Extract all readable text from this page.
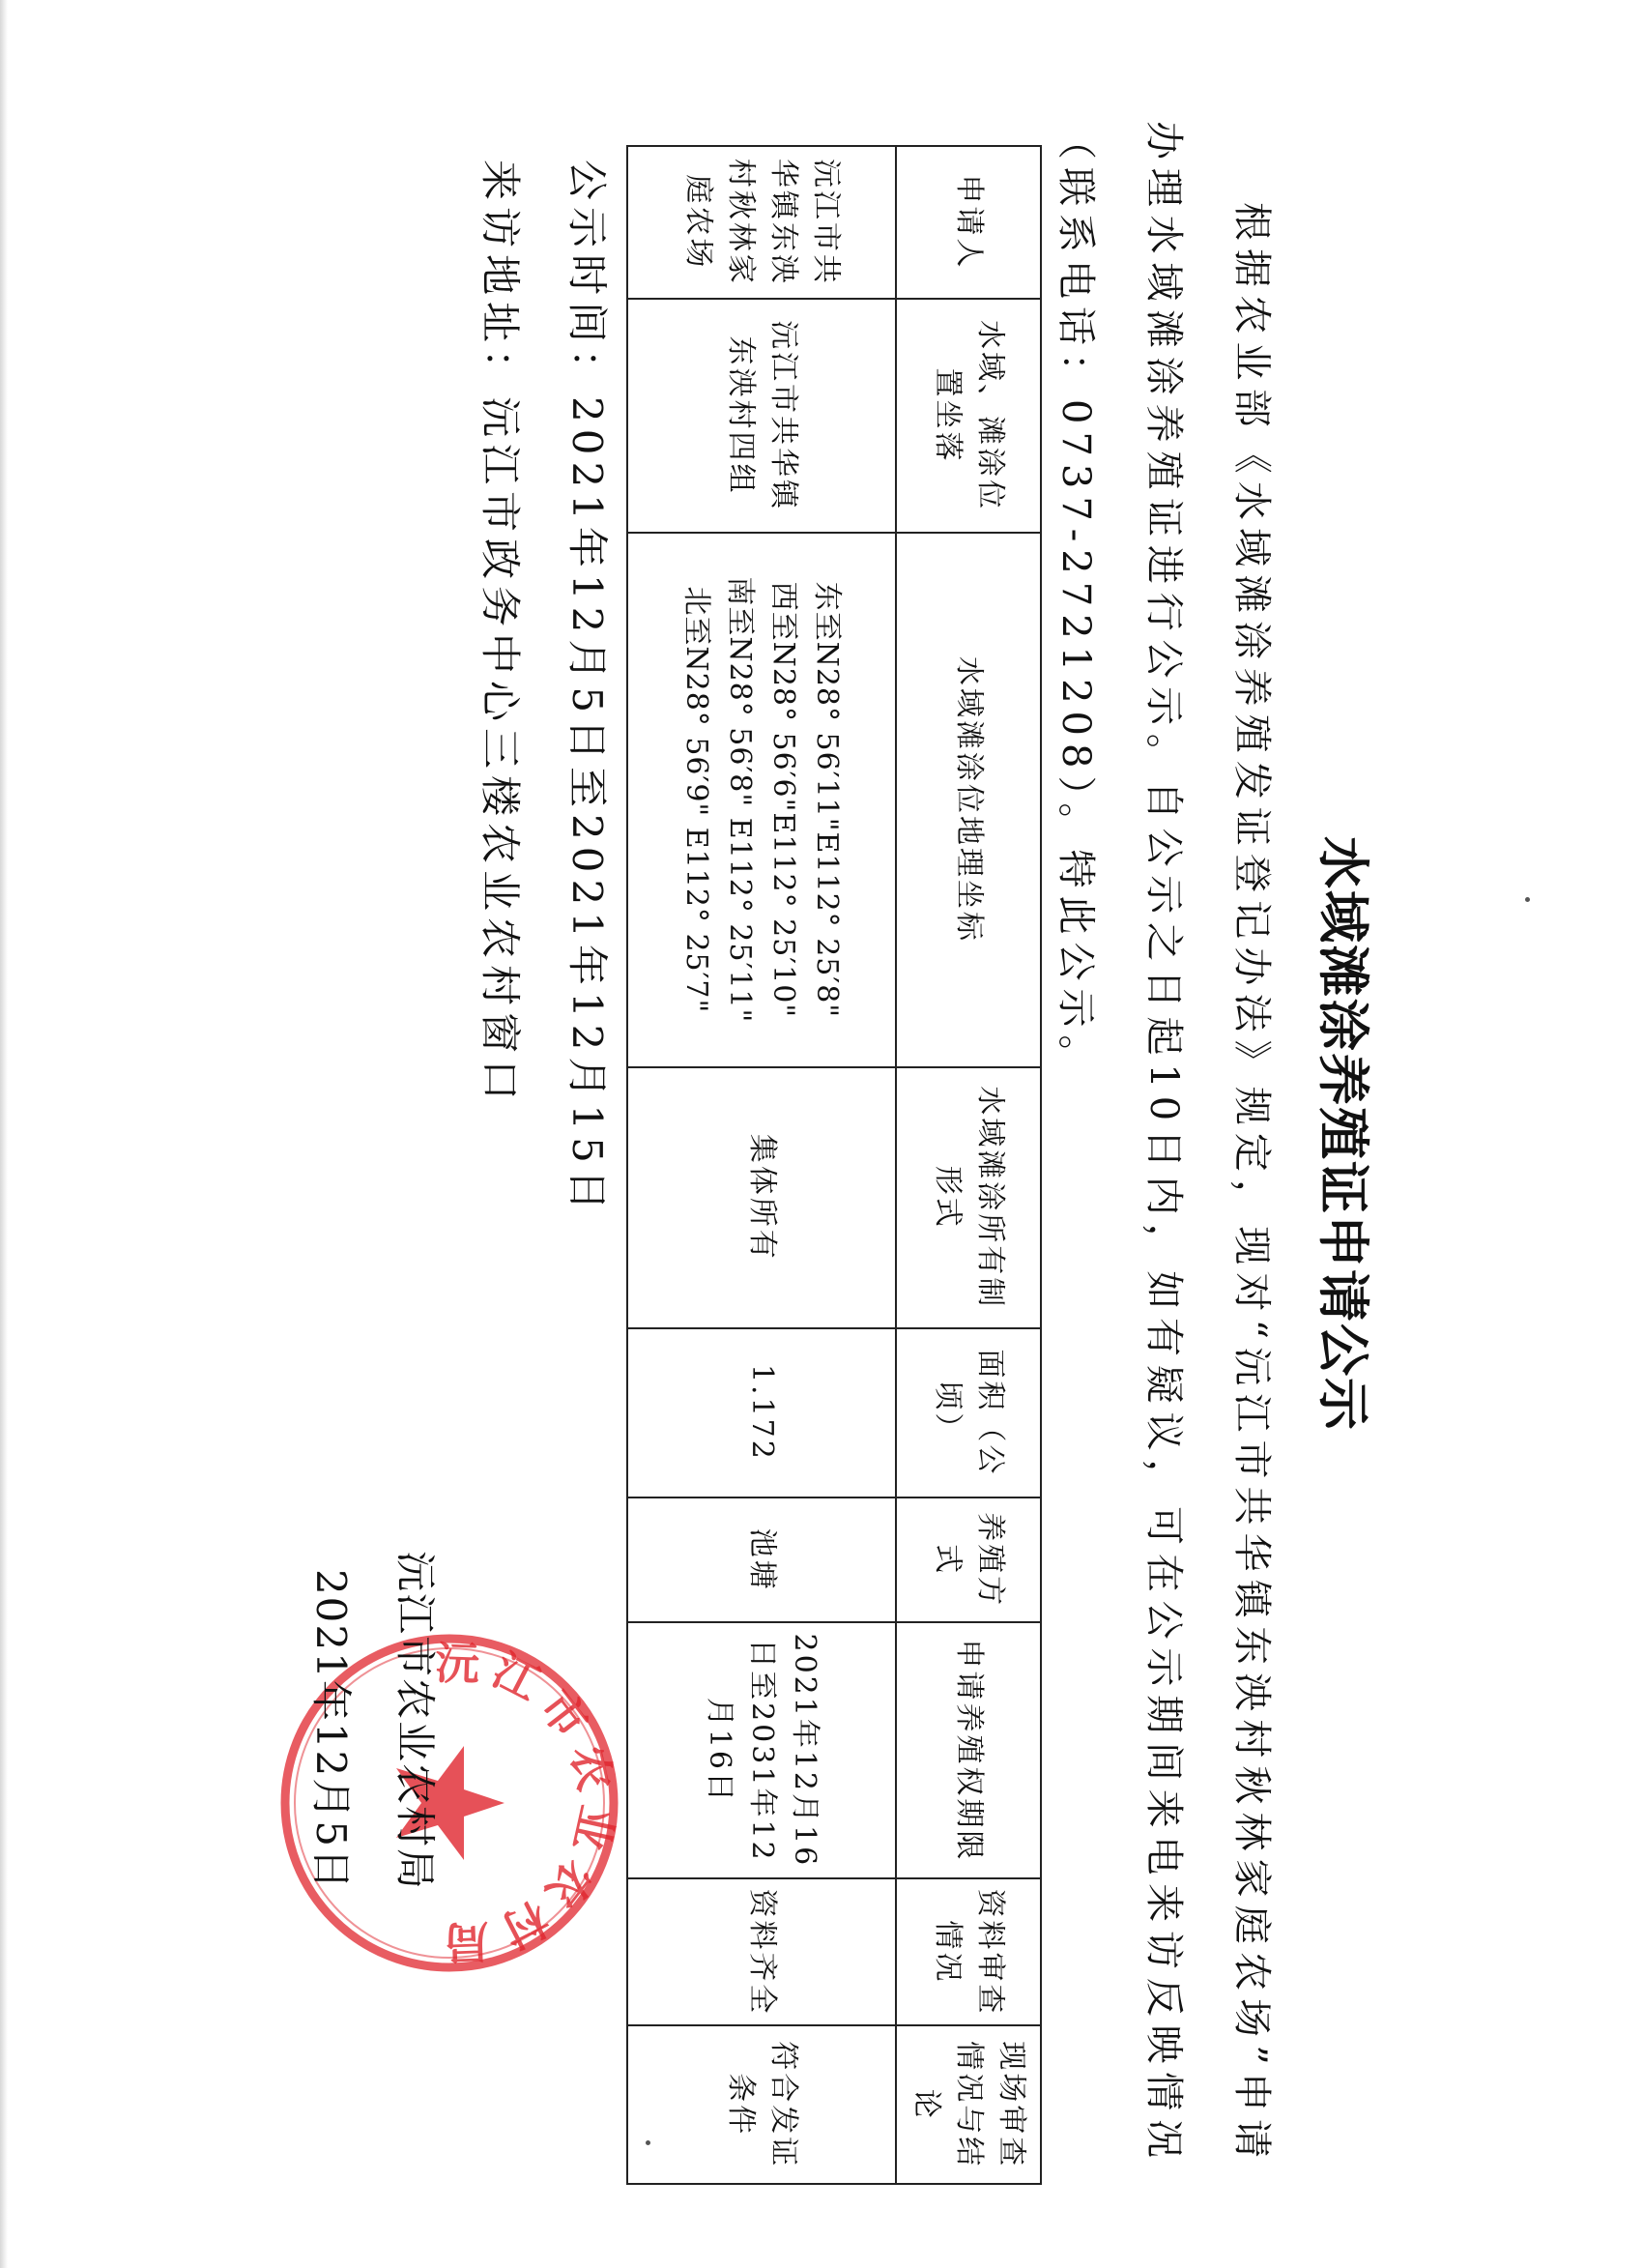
水域滩涂养殖证申请公示
根据农业部《水域滩涂养殖发证登记办法》规定，现对“沅江市共华镇东泱村秋林家庭农场”申请办理水域滩涂养殖证进行公示。自公示之日起10日内，如有疑议，可在公示期间来电来访反映情况（联系电话：0737-2721208）。特此公示。
申请人	水域、滩涂位置坐落	水域滩涂位地理坐标	水域滩涂所有制形式	面积（公顷）	养殖方式	申请养殖权期限	资料审查情况	现场审查情况与结论
沅江市共华镇东泱村秋林家庭农场	沅江市共华镇东泱村四组	东至N28° 56′11"E112° 25′8"
西至N28° 56′6"E112° 25′10"
南至N28° 56′8" E112° 25′11"
北至N28° 56′9" E112° 25′7"	集体所有	1.172	池塘	2021年12月16日至2031年12月16日	资料齐全	符合发证条件
公示时间：2021年12月5日至2021年12月15日
来访地址：沅江市政务中心三楼农业农村窗口
沅江市农业农村局
沅江市农业农村局
2021年12月5日
